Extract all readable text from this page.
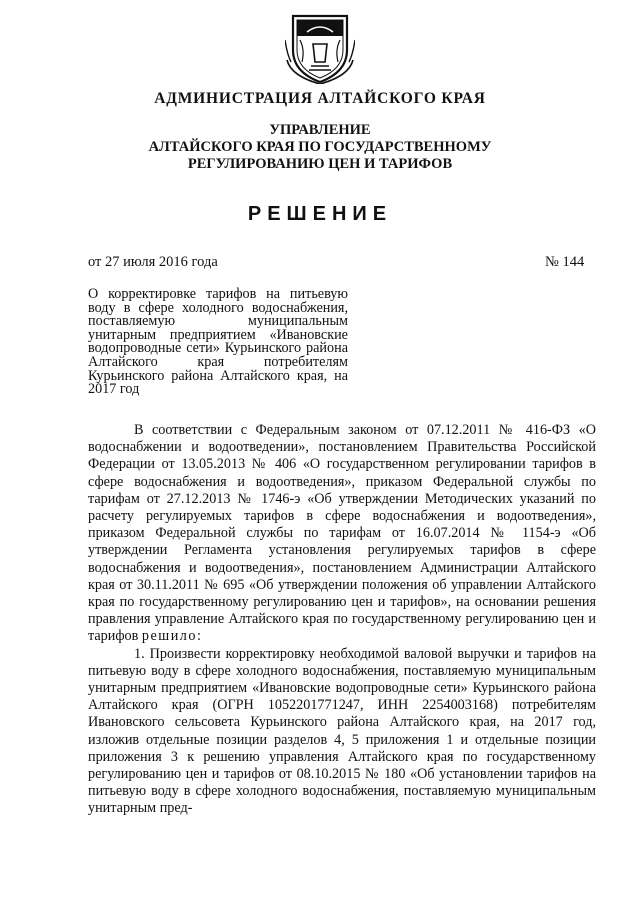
АДМИНИСТРАЦИЯ АЛТАЙСКОГО КРАЯ
УПРАВЛЕНИЕ
АЛТАЙСКОГО КРАЯ ПО ГОСУДАРСТВЕННОМУ
РЕГУЛИРОВАНИЮ ЦЕН И ТАРИФОВ
РЕШЕНИЕ
от 27 июля 2016 года	№ 144
О корректировке тарифов на питьевую воду в сфере холодного водоснабжения, поставляемую муниципальным унитарным предприятием «Ивановские водопроводные сети» Курьинского района Алтайского края потребителям Курьинского района Алтайского края, на 2017 год

В соответствии с Федеральным законом от 07.12.2011 № 416-ФЗ «О водоснабжении и водоотведении», постановлением Правительства Российской Федерации от 13.05.2013 № 406 «О государственном регулировании тарифов в сфере водоснабжения и водоотведения», приказом Федеральной службы по тарифам от 27.12.2013 № 1746-э «Об утверждении Методических указаний по расчету регулируемых тарифов в сфере водоснабжения и водоотведения», приказом Федеральной службы по тарифам от 16.07.2014 № 1154-э «Об утверждении Регламента установления регулируемых тарифов в сфере водоснабжения и водоотведения», постановлением Администрации Алтайского края от 30.11.2011 № 695 «Об утверждении положения об управлении Алтайского края по государственному регулированию цен и тарифов», на основании решения правления управление Алтайского края по государственному регулированию цен и тарифов решило:

1. Произвести корректировку необходимой валовой выручки и тарифов на питьевую воду в сфере холодного водоснабжения, поставляемую муниципальным унитарным предприятием «Ивановские водопроводные сети» Курьинского района Алтайского края (ОГРН 1052201771247, ИНН 2254003168) потребителям Ивановского сельсовета Курьинского района Алтайского края, на 2017 год, изложив отдельные позиции разделов 4, 5 приложения 1 и отдельные позиции приложения 3 к решению управления Алтайского края по государственному регулированию цен и тарифов от 08.10.2015 № 180 «Об установлении тарифов на питьевую воду в сфере холодного водоснабжения, поставляемую муниципальным унитарным пред-
